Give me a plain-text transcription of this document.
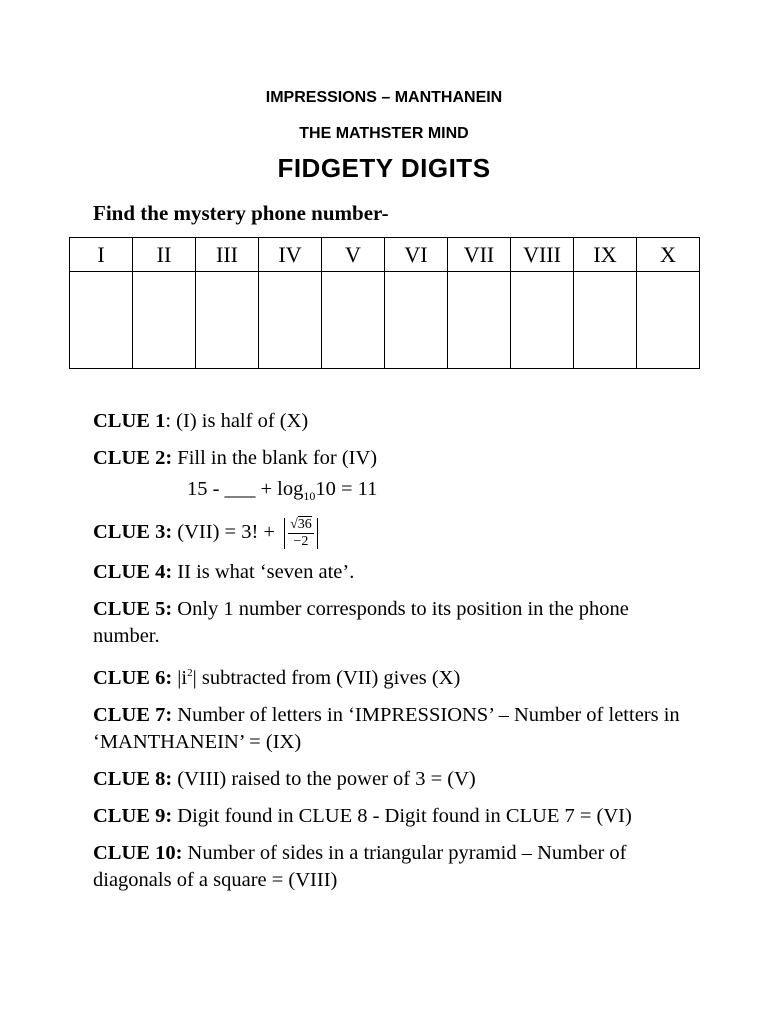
IMPRESSIONS – MANTHANEIN
THE MATHSTER MIND
FIDGETY DIGITS
Find the mystery phone number-
I	II	III	IV	V	VI	VII	VIII	IX	X

CLUE 1: (I) is half of (X)
CLUE 2: Fill in the blank for (IV)
15 - ___ + $\log_{10}10 = 11$
CLUE 3: (VII) = 3! + $\frac{√36}{-2}$
CLUE 4: II is what ‘seven ate’.
CLUE 5: Only 1 number corresponds to its position in the phone number.
CLUE 6: $|i^2|$ subtracted from (VII) gives (X)
CLUE 7: Number of letters in ‘IMPRESSIONS’ – Number of letters in ‘MANTHANEIN’ = (IX)
CLUE 8: (VIII) raised to the power of 3 = (V)
CLUE 9: Digit found in CLUE 8 - Digit found in CLUE 7 = (VI)
CLUE 10: Number of sides in a triangular pyramid – Number of diagonals of a square = (VIII)
